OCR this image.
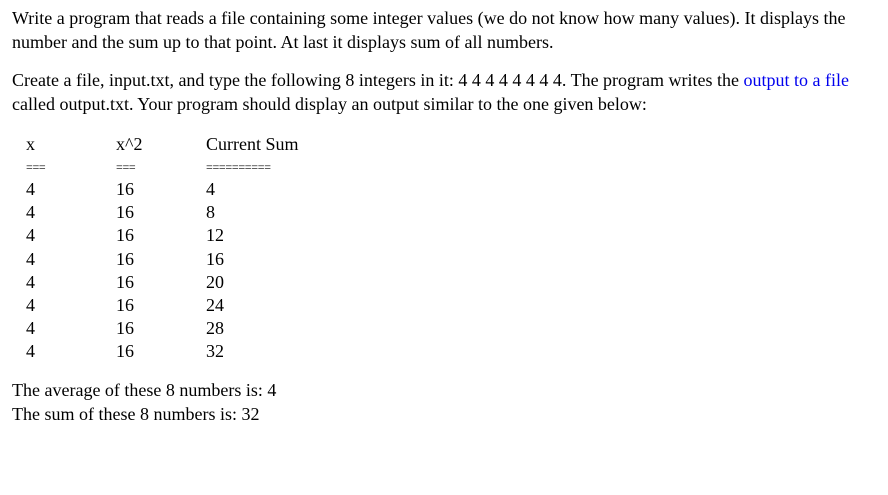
Write a program that reads a file containing some integer values (we do not know how many values). It displays the number and the sum up to that point. At last it displays sum of all numbers.

Create a file, input.txt, and type the following 8 integers in it: 4 4 4 4 4 4 4 4. The program writes the output to a file called output.txt. Your program should display an output similar to the one given below:

x
===
4
4
4
4
4
4
4
4
x^2
===
16
16
16
16
16
16
16
16
Current Sum
==========
4
8
12
16
20
24
28
32
The average of these 8 numbers is: 4
The sum of these 8 numbers is: 32
